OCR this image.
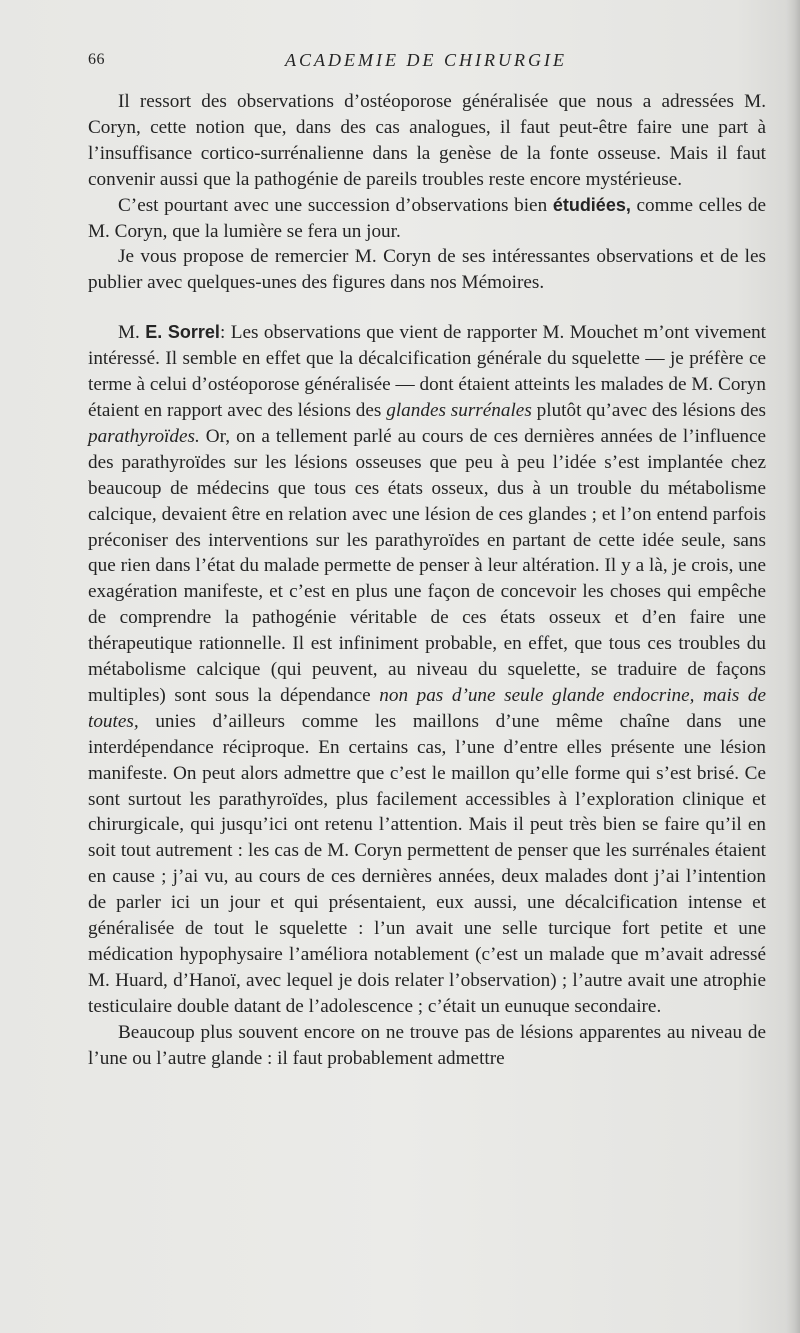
66	ACADEMIE DE CHIRURGIE

Il ressort des observations d’ostéoporose généralisée que nous a adressées M. Coryn, cette notion que, dans des cas analogues, il faut peut-être faire une part à l’insuffisance cortico-surrénalienne dans la genèse de la fonte osseuse. Mais il faut convenir aussi que la pathogénie de pareils troubles reste encore mystérieuse.

C’est pourtant avec une succession d’observations bien étudiées, comme celles de M. Coryn, que la lumière se fera un jour.

Je vous propose de remercier M. Coryn de ses intéressantes observations et de les publier avec quelques-unes des figures dans nos Mémoires.

M. E. Sorrel: Les observations que vient de rapporter M. Mouchet m’ont vivement intéressé. Il semble en effet que la décalcification générale du squelette — je préfère ce terme à celui d’ostéoporose généralisée — dont étaient atteints les malades de M. Coryn étaient en rapport avec des lésions des glandes surrénales plutôt qu’avec des lésions des parathyroïdes. Or, on a tellement parlé au cours de ces dernières années de l’influence des parathyroïdes sur les lésions osseuses que peu à peu l’idée s’est implantée chez beaucoup de médecins que tous ces états osseux, dus à un trouble du métabolisme calcique, devaient être en relation avec une lésion de ces glandes ; et l’on entend parfois préconiser des interventions sur les parathyroïdes en partant de cette idée seule, sans que rien dans l’état du malade permette de penser à leur altération. Il y a là, je crois, une exagération manifeste, et c’est en plus une façon de concevoir les choses qui empêche de comprendre la pathogénie véritable de ces états osseux et d’en faire une thérapeutique rationnelle. Il est infiniment probable, en effet, que tous ces troubles du métabolisme calcique (qui peuvent, au niveau du squelette, se traduire de façons multiples) sont sous la dépendance non pas d’une seule glande endocrine, mais de toutes, unies d’ailleurs comme les maillons d’une même chaîne dans une interdépendance réciproque. En certains cas, l’une d’entre elles présente une lésion manifeste. On peut alors admettre que c’est le maillon qu’elle forme qui s’est brisé. Ce sont surtout les parathyroïdes, plus facilement accessibles à l’exploration clinique et chirurgicale, qui jusqu’ici ont retenu l’attention. Mais il peut très bien se faire qu’il en soit tout autrement : les cas de M. Coryn permettent de penser que les surrénales étaient en cause ; j’ai vu, au cours de ces dernières années, deux malades dont j’ai l’intention de parler ici un jour et qui présentaient, eux aussi, une décalcification intense et généralisée de tout le squelette : l’un avait une selle turcique fort petite et une médication hypophysaire l’améliora notablement (c’est un malade que m’avait adressé M. Huard, d’Hanoï, avec lequel je dois relater l’observation) ; l’autre avait une atrophie testiculaire double datant de l’adolescence ; c’était un eunuque secondaire.

Beaucoup plus souvent encore on ne trouve pas de lésions apparentes au niveau de l’une ou l’autre glande : il faut probablement admettre
